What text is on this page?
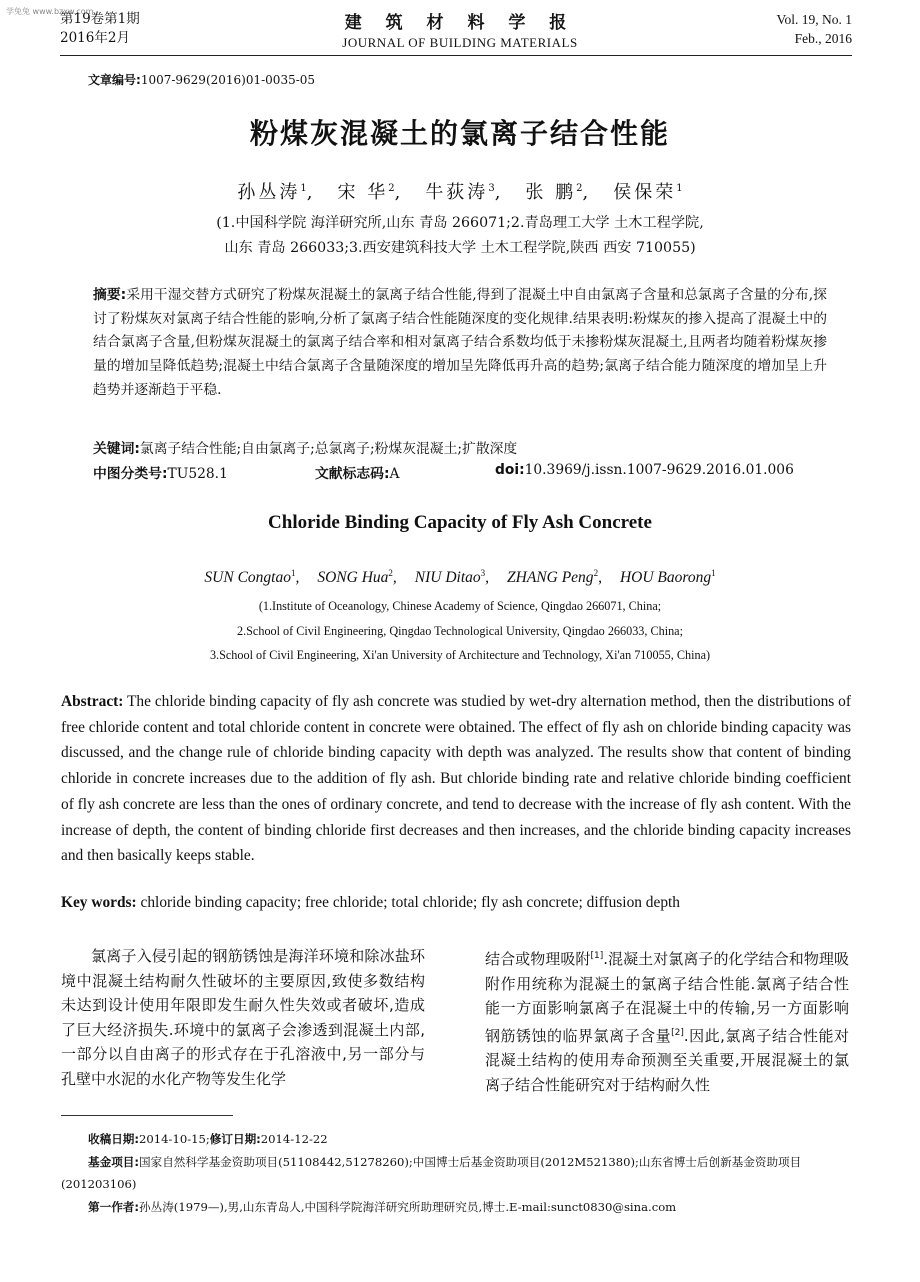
学兔兔 www.bzxw.com
第19卷第1期
2016年2月
建 筑 材 料 学 报
JOURNAL OF BUILDING MATERIALS
Vol. 19, No. 1
Feb., 2016
文章编号:1007-9629(2016)01-0035-05
粉煤灰混凝土的氯离子结合性能
孙丛涛$^1$, 宋 华$^2$, 牛荻涛$^3$, 张 鹏$^2$, 侯保荣$^1$
(1.中国科学院 海洋研究所,山东 青岛 266071;2.青岛理工大学 土木工程学院,
山东 青岛 266033;3.西安建筑科技大学 土木工程学院,陕西 西安 710055)

摘要:采用干湿交替方式研究了粉煤灰混凝土的氯离子结合性能,得到了混凝土中自由氯离子含量和总氯离子含量的分布,探讨了粉煤灰对氯离子结合性能的影响,分析了氯离子结合性能随深度的变化规律.结果表明:粉煤灰的掺入提高了混凝土中的结合氯离子含量,但粉煤灰混凝土的氯离子结合率和相对氯离子结合系数均低于未掺粉煤灰混凝土,且两者均随着粉煤灰掺量的增加呈降低趋势;混凝土中结合氯离子含量随深度的增加呈先降低再升高的趋势;氯离子结合能力随深度的增加呈上升趋势并逐渐趋于平稳.

关键词:氯离子结合性能;自由氯离子;总氯离子;粉煤灰混凝土;扩散深度
中图分类号:TU528.1	文献标志码:A	doi:10.3969/j.issn.1007-9629.2016.01.006
Chloride Binding Capacity of Fly Ash Concrete
SUN Congtao$^1$, SONG Hua$^2$, NIU Ditao$^3$, ZHANG Peng$^2$, HOU Baorong$^1$
(1.Institute of Oceanology, Chinese Academy of Science, Qingdao 266071, China;
2.School of Civil Engineering, Qingdao Technological University, Qingdao 266033, China;
3.School of Civil Engineering, Xi'an University of Architecture and Technology, Xi'an 710055, China)

Abstract: The chloride binding capacity of fly ash concrete was studied by wet-dry alternation method, then the distributions of free chloride content and total chloride content in concrete were obtained. The effect of fly ash on chloride binding capacity was discussed, and the change rule of chloride binding capacity with depth was analyzed. The results show that content of binding chloride in concrete increases due to the addition of fly ash. But chloride binding rate and relative chloride binding coefficient of fly ash concrete are less than the ones of ordinary concrete, and tend to decrease with the increase of fly ash content. With the increase of depth, the content of binding chloride first decreases and then increases, and the chloride binding capacity increases and then basically keeps stable.

Key words: chloride binding capacity; free chloride; total chloride; fly ash concrete; diffusion depth

氯离子入侵引起的钢筋锈蚀是海洋环境和除冰盐环境中混凝土结构耐久性破坏的主要原因,致使多数结构未达到设计使用年限即发生耐久性失效或者破坏,造成了巨大经济损失.环境中的氯离子会渗透到混凝土内部,一部分以自由离子的形式存在于孔溶液中,另一部分与孔壁中水泥的水化产物等发生化学

结合或物理吸附[1].混凝土对氯离子的化学结合和物理吸附作用统称为混凝土的氯离子结合性能.氯离子结合性能一方面影响氯离子在混凝土中的传输,另一方面影响钢筋锈蚀的临界氯离子含量[2].因此,氯离子结合性能对混凝土结构的使用寿命预测至关重要,开展混凝土的氯离子结合性能研究对于结构耐久性

收稿日期:2014-10-15;修订日期:2014-12-22

基金项目:国家自然科学基金资助项目(51108442,51278260);中国博士后基金资助项目(2012M521380);山东省博士后创新基金资助项目(201203106)

第一作者:孙丛涛(1979—),男,山东青岛人,中国科学院海洋研究所助理研究员,博士.E-mail:sunct0830@sina.com
